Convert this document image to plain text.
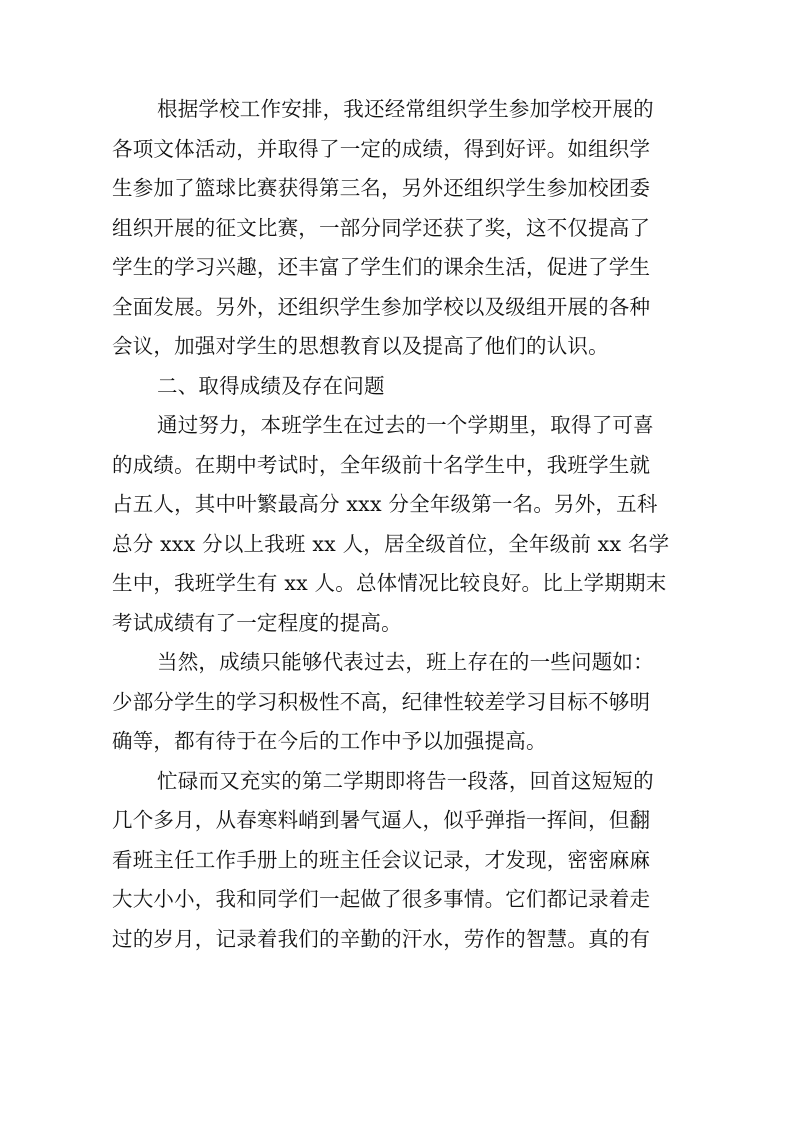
根据学校工作安排，我还经常组织学生参加学校开展的
各项文体活动，并取得了一定的成绩，得到好评。如组织学
生参加了篮球比赛获得第三名，另外还组织学生参加校团委
组织开展的征文比赛，一部分同学还获了奖，这不仅提高了
学生的学习兴趣，还丰富了学生们的课余生活，促进了学生
全面发展。另外，还组织学生参加学校以及级组开展的各种
会议，加强对学生的思想教育以及提高了他们的认识。
二、取得成绩及存在问题
通过努力，本班学生在过去的一个学期里，取得了可喜
的成绩。在期中考试时，全年级前十名学生中，我班学生就
占五人，其中叶繁最高分 xxx 分全年级第一名。另外，五科
总分 xxx 分以上我班 xx 人，居全级首位，全年级前 xx 名学
生中，我班学生有 xx 人。总体情况比较良好。比上学期期末
考试成绩有了一定程度的提高。
当然，成绩只能够代表过去，班上存在的一些问题如：
少部分学生的学习积极性不高，纪律性较差学习目标不够明
确等，都有待于在今后的工作中予以加强提高。
忙碌而又充实的第二学期即将告一段落，回首这短短的
几个多月，从春寒料峭到暑气逼人，似乎弹指一挥间，但翻
看班主任工作手册上的班主任会议记录，才发现，密密麻麻
大大小小，我和同学们一起做了很多事情。它们都记录着走
过的岁月，记录着我们的辛勤的汗水，劳作的智慧。真的有
